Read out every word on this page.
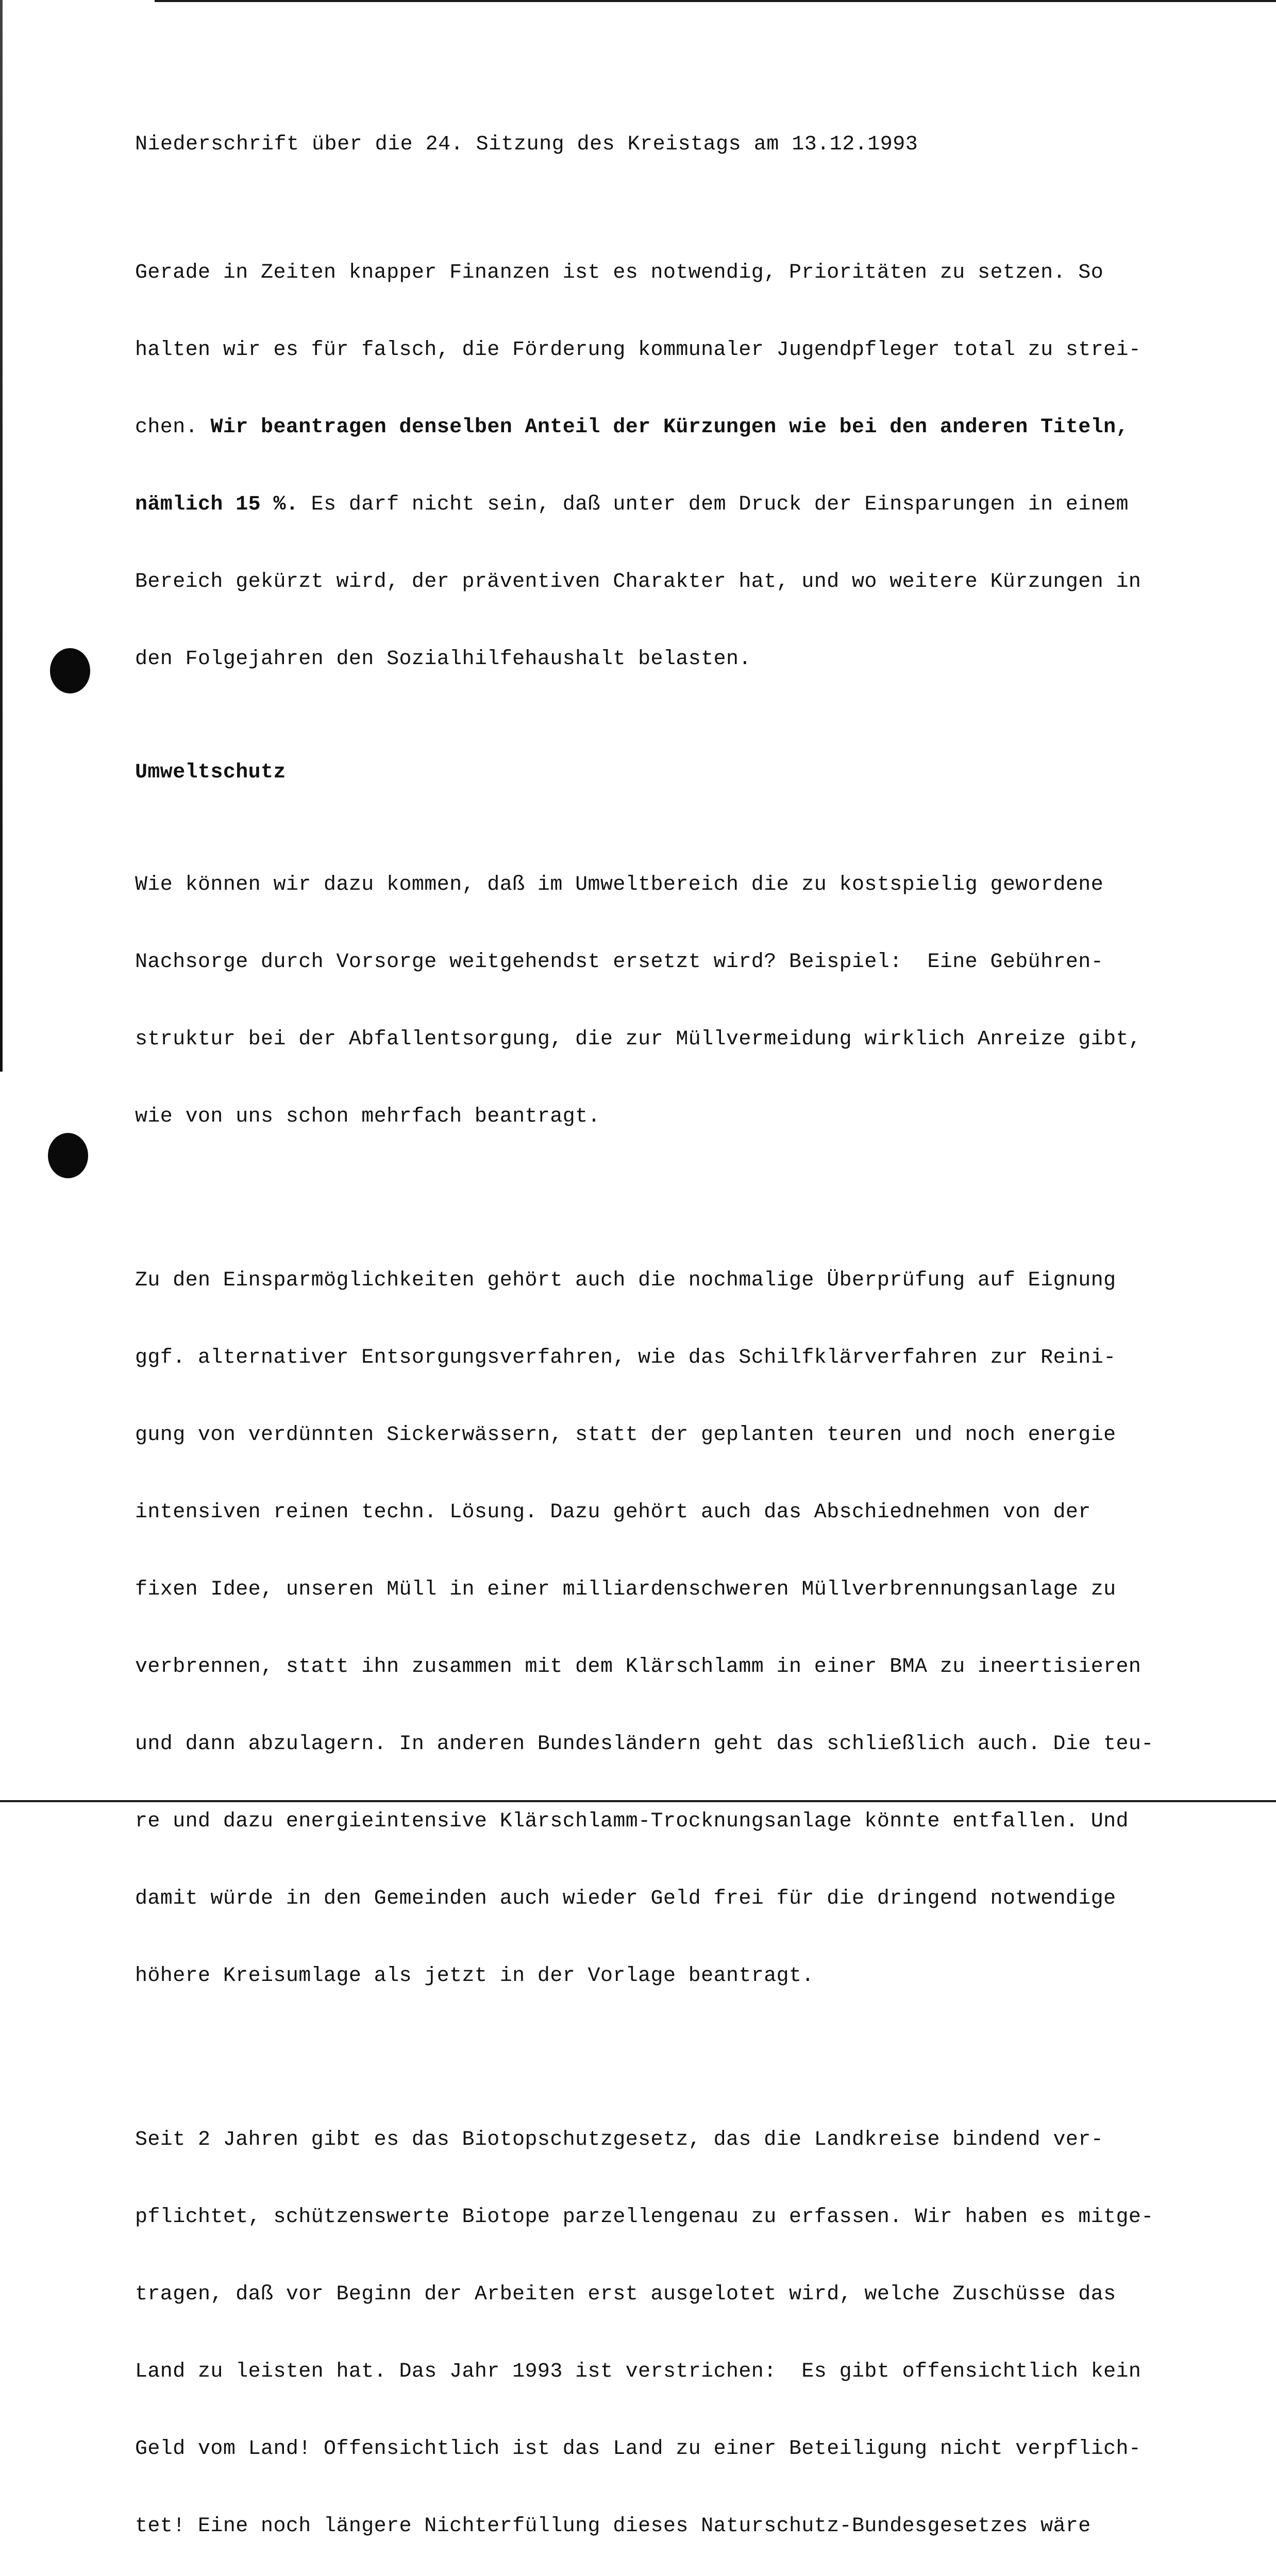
Niederschrift über die 24. Sitzung des Kreistags am 13.12.1993

Gerade in Zeiten knapper Finanzen ist es notwendig, Prioritäten zu setzen. So

halten wir es für falsch, die Förderung kommunaler Jugendpfleger total zu strei-

chen. Wir beantragen denselben Anteil der Kürzungen wie bei den anderen Titeln,

nämlich 15 %. Es darf nicht sein, daß unter dem Druck der Einsparungen in einem

Bereich gekürzt wird, der präventiven Charakter hat, und wo weitere Kürzungen in

den Folgejahren den Sozialhilfehaushalt belasten.

Umweltschutz

Wie können wir dazu kommen, daß im Umweltbereich die zu kostspielig gewordene

Nachsorge durch Vorsorge weitgehendst ersetzt wird? Beispiel:  Eine Gebühren-

struktur bei der Abfallentsorgung, die zur Müllvermeidung wirklich Anreize gibt,

wie von uns schon mehrfach beantragt.

Zu den Einsparmöglichkeiten gehört auch die nochmalige Überprüfung auf Eignung

ggf. alternativer Entsorgungsverfahren, wie das Schilfklärverfahren zur Reini-

gung von verdünnten Sickerwässern, statt der geplanten teuren und noch energie

intensiven reinen techn. Lösung. Dazu gehört auch das Abschiednehmen von der

fixen Idee, unseren Müll in einer milliardenschweren Müllverbrennungsanlage zu

verbrennen, statt ihn zusammen mit dem Klärschlamm in einer BMA zu ineertisieren

und dann abzulagern. In anderen Bundesländern geht das schließlich auch. Die teu-

re und dazu energieintensive Klärschlamm-Trocknungsanlage könnte entfallen. Und

damit würde in den Gemeinden auch wieder Geld frei für die dringend notwendige

höhere Kreisumlage als jetzt in der Vorlage beantragt.

Seit 2 Jahren gibt es das Biotopschutzgesetz, das die Landkreise bindend ver-

pflichtet, schützenswerte Biotope parzellengenau zu erfassen. Wir haben es mitge-

tragen, daß vor Beginn der Arbeiten erst ausgelotet wird, welche Zuschüsse das

Land zu leisten hat. Das Jahr 1993 ist verstrichen:  Es gibt offensichtlich kein

Geld vom Land! Offensichtlich ist das Land zu einer Beteiligung nicht verpflich-

tet! Eine noch längere Nichterfüllung dieses Naturschutz-Bundesgesetzes wäre
